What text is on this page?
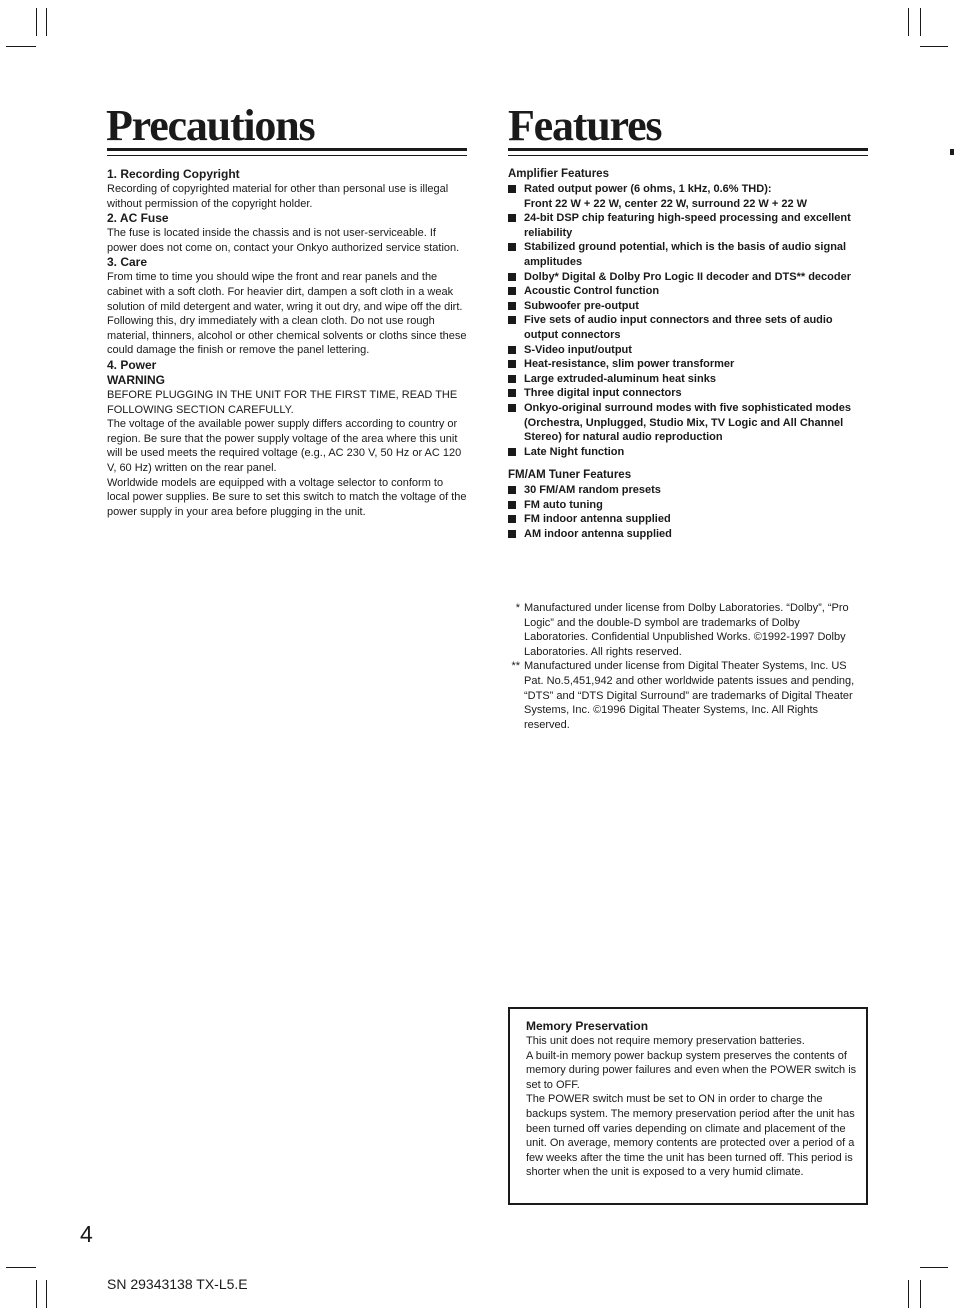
Precautions	Features

1. Recording Copyright

Recording of copyrighted material for other than personal use is illegal without permission of the copyright holder.

2. AC Fuse

The fuse is located inside the chassis and is not user-serviceable. If power does not come on, contact your Onkyo authorized service station.

3. Care

From time to time you should wipe the front and rear panels and the cabinet with a soft cloth. For heavier dirt, dampen a soft cloth in a weak solution of mild detergent and water, wring it out dry, and wipe off the dirt. Following this, dry immediately with a clean cloth. Do not use rough material, thinners, alcohol or other chemical solvents or cloths since these could damage the finish or remove the panel lettering.

4. Power

WARNING

BEFORE PLUGGING IN THE UNIT FOR THE FIRST TIME, READ THE FOLLOWING SECTION CAREFULLY.

The voltage of the available power supply differs according to country or region. Be sure that the power supply voltage of the area where this unit will be used meets the required voltage (e.g., AC 230 V, 50 Hz or AC 120 V, 60 Hz) written on the rear panel.

Worldwide models are equipped with a voltage selector to conform to local power supplies. Be sure to set this switch to match the voltage of the power supply in your area before plugging in the unit.

Amplifier Features

Rated output power (6 ohms, 1 kHz, 0.6% THD):
Front 22 W + 22 W, center 22 W, surround 22 W + 22 W
24-bit DSP chip featuring high-speed processing and excellent reliability
Stabilized ground potential, which is the basis of audio signal amplitudes
Dolby* Digital & Dolby Pro Logic II decoder and DTS** decoder
Acoustic Control function
Subwoofer pre-output
Five sets of audio input connectors and three sets of audio output connectors
S-Video input/output
Heat-resistance, slim power transformer
Large extruded-aluminum heat sinks
Three digital input connectors
Onkyo-original surround modes with five sophisticated modes (Orchestra, Unplugged, Studio Mix, TV Logic and All Channel Stereo) for natural audio reproduction
Late Night function

FM/AM Tuner Features

30 FM/AM random presets
FM auto tuning
FM indoor antenna supplied
AM indoor antenna supplied
* Manufactured under license from Dolby Laboratories. “Dolby”, “Pro Logic” and the double-D symbol are trademarks of Dolby Laboratories. Confidential Unpublished Works. ©1992-1997 Dolby Laboratories. All rights reserved.
** Manufactured under license from Digital Theater Systems, Inc. US Pat. No.5,451,942 and other worldwide patents issues and pending, “DTS” and “DTS Digital Surround” are trademarks of Digital Theater Systems, Inc. ©1996 Digital Theater Systems, Inc. All Rights reserved.

Memory Preservation

This unit does not require memory preservation batteries.

A built-in memory power backup system preserves the contents of memory during power failures and even when the POWER switch is set to OFF.

The POWER switch must be set to ON in order to charge the backups system. The memory preservation period after the unit has been turned off varies depending on climate and placement of the unit. On average, memory contents are protected over a period of a few weeks after the time the unit has been turned off. This period is shorter when the unit is exposed to a very humid climate.

4
SN 29343138 TX-L5.E
